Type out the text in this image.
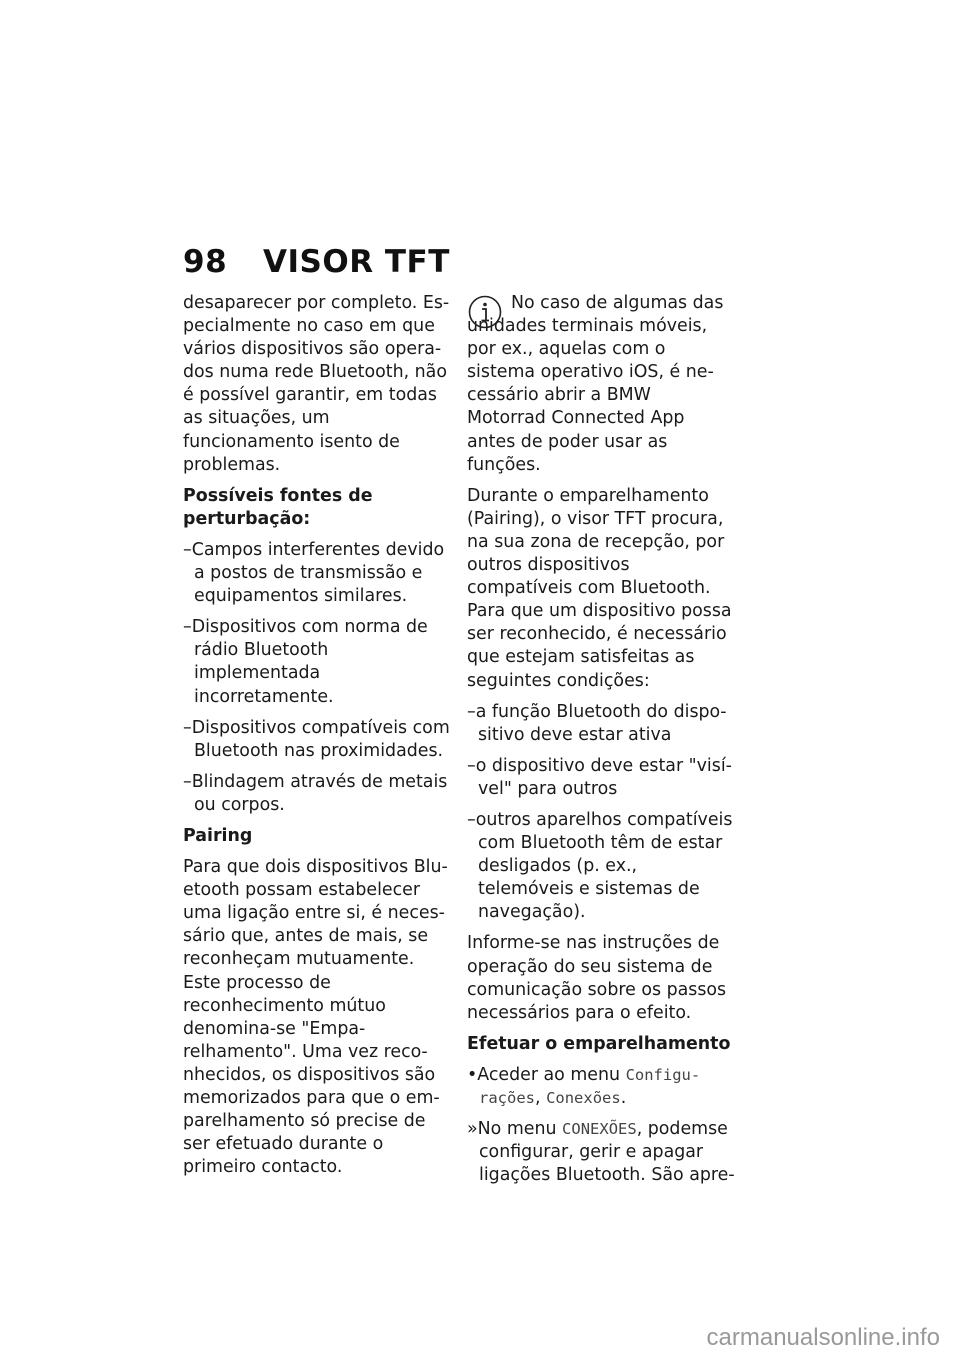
98 VISOR TFT

desaparecer por completo. Especialmente no caso em que vários dispositivos são operados numa rede Bluetooth, não é possível garantir, em todas as situações, um funcionamento isento de problemas.

Possíveis fontes de perturbação:

–Campos interferentes devido a postos de transmissão e equipamentos similares.

–Dispositivos com norma de rádio Bluetooth implementada incorretamente.

–Dispositivos compatíveis com Bluetooth nas proximidades.

–Blindagem através de metais ou corpos.

Pairing

Para que dois dispositivos Bluetooth possam estabelecer uma ligação entre si, é necessário que, antes de mais, se reconheçam mutuamente. Este processo de reconhecimento mútuo denomina-se "Emparelhamento". Uma vez reconhecidos, os dispositivos são memorizados para que o emparelhamento só precise de ser efetuado durante o primeiro contacto.

No caso de algumas das unidades terminais móveis, por ex., aquelas com o sistema operativo iOS, é necessário abrir a BMW Motorrad Connected App antes de poder usar as funções.

Durante o emparelhamento (Pairing), o visor TFT procura, na sua zona de recepção, por outros dispositivos compatíveis com Bluetooth. Para que um dispositivo possa ser reconhecido, é necessário que estejam satisfeitas as seguintes condições:

–a função Bluetooth do dispositivo deve estar ativa

–o dispositivo deve estar "visível" para outros

–outros aparelhos compatíveis com Bluetooth têm de estar desligados (p. ex., telemóveis e sistemas de navegação).

Informe-se nas instruções de operação do seu sistema de comunicação sobre os passos necessários para o efeito.

Efetuar o emparelhamento

•Aceder ao menu Configurações, Conexões.

»No menu CONEXÕES, podemse configurar, gerir e apagar ligações Bluetooth. São apre-

carmanualsonline.info
